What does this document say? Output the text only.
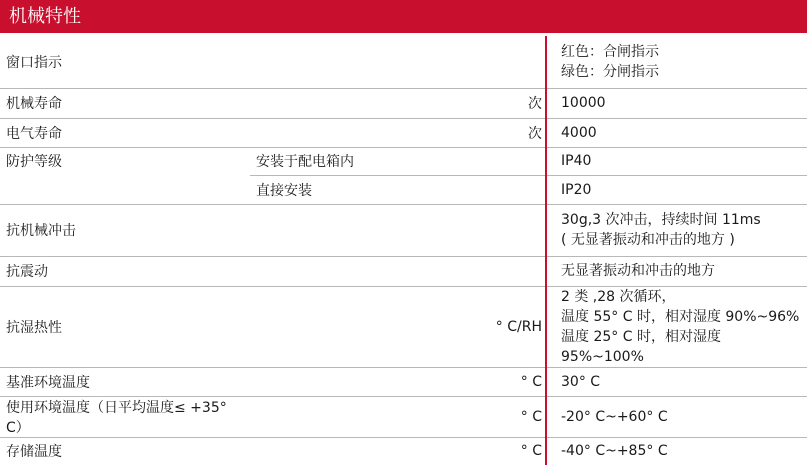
机械特性
窗口指示			红色：合闸指示
绿色：分闸指示

机械寿命		次	10000

电气寿命		次	4000

防护等级	安装于配电箱内		IP40

	直接安装		IP20

抗机械冲击			30g,3 次冲击，持续时间 11ms
( 无显著振动和冲击的地方 )

抗震动			无显著振动和冲击的地方

抗湿热性		° C/RH	2 类 ,28 次循环，
温度 55° C 时，相对湿度 90%~96%
温度 25° C 时，相对湿度 95%~100%

基准环境温度		° C	30° C

使用环境温度（日平均温度≤ +35° C）		° C	-20° C~+60° C

存储温度		° C	-40° C~+85° C
